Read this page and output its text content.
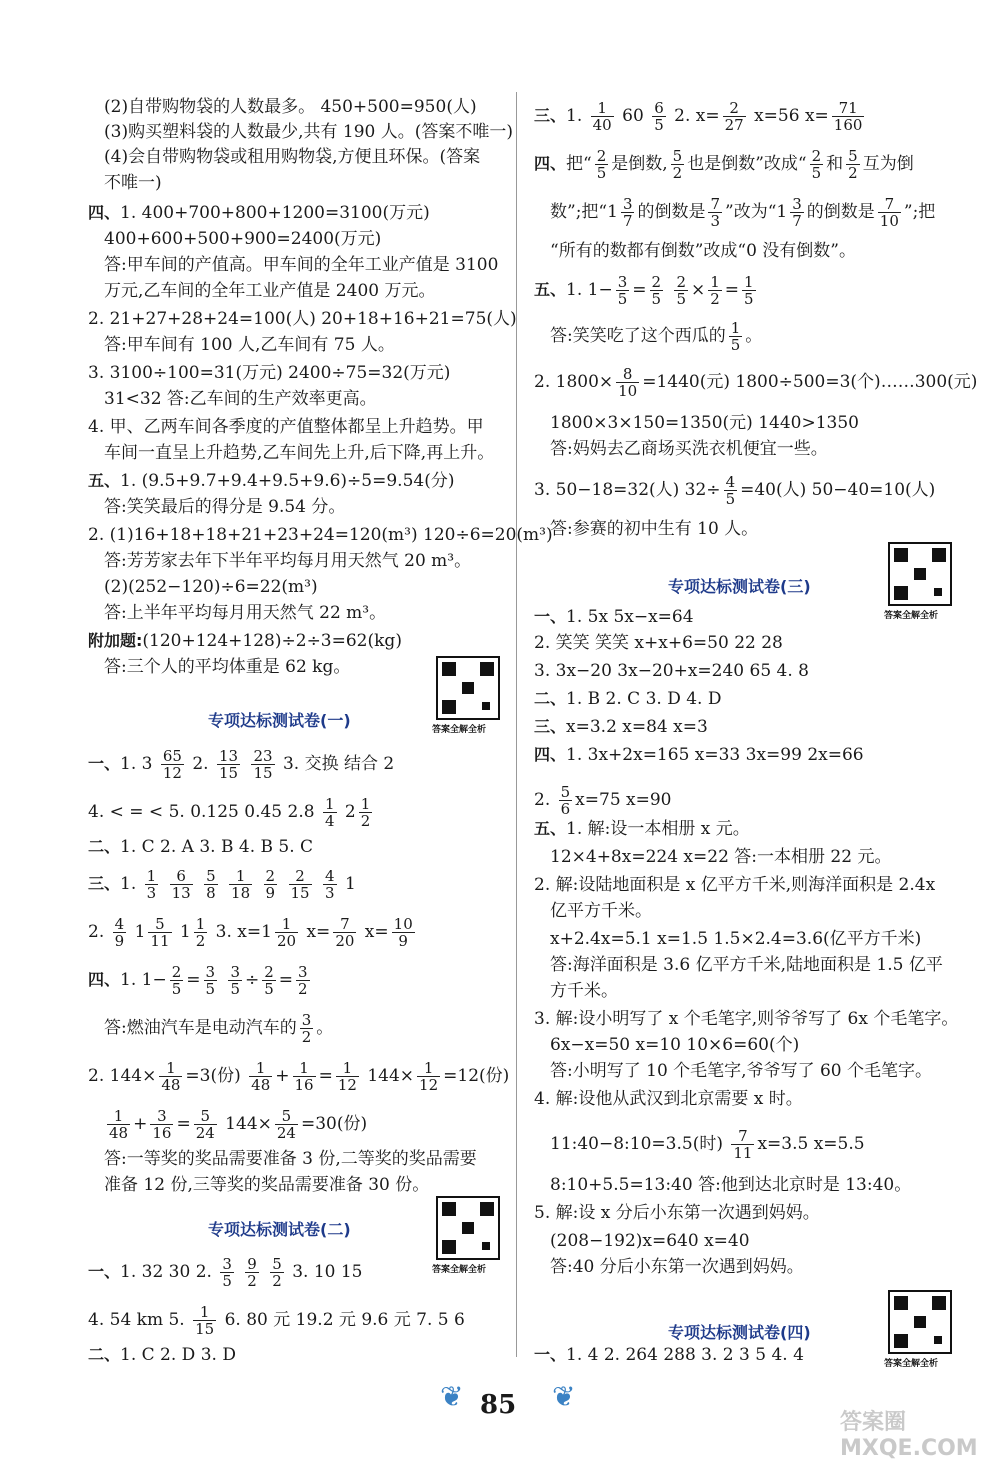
(2)自带购物袋的人数最多。 450+500=950(人)
(3)购买塑料袋的人数最少,共有 190 人。(答案不唯一)
(4)会自带购物袋或租用购物袋,方便且环保。(答案
不唯一)
四、1. 400+700+800+1200=3100(万元)
400+600+500+900=2400(万元)
答:甲车间的产值高。甲车间的全年工业产值是 3100
万元,乙车间的全年工业产值是 2400 万元。
2. 21+27+28+24=100(人) 20+18+16+21=75(人)
答:甲车间有 100 人,乙车间有 75 人。
3. 3100÷100=31(万元) 2400÷75=32(万元)
31<32 答:乙车间的生产效率更高。
4. 甲、乙两车间各季度的产值整体都呈上升趋势。甲
车间一直呈上升趋势,乙车间先上升,后下降,再上升。
五、1. (9.5+9.7+9.4+9.5+9.6)÷5=9.54(分)
答:笑笑最后的得分是 9.54 分。
2. (1)16+18+18+21+23+24=120(m³) 120÷6=20(m³)
答:芳芳家去年下半年平均每月用天然气 20 m³。
(2)(252−120)÷6=22(m³)
答:上半年平均每月用天然气 22 m³。
附加题:(120+124+128)÷2÷3=62(kg)
答:三个人的平均体重是 62 kg。
一、1. $3 \frac{65}{12} 2$. $\frac{13}{15}$
$\frac{23}{15} 3$. 交换 结合 2
4. < = < 5. 0.125 0.45 $2.8 \frac{1}{4} 2 \frac{1}{2}$
二、1. C 2. A 3. B 4. B 5. C
三、1. $\frac{1}{3}$
$\frac{6}{13}$
$\frac{5}{8}$
$\frac{1}{18}$
$\frac{2}{9}$
$\frac{2}{15}$
$\frac{4}{3} 1$
2. $\frac{4}{9} 1 \frac{5}{11} 1 \frac{1}{2} 3$. $x=1 \frac{1}{20} x= \frac{7}{20} x= \frac{10}{9}$
四、1. $1- \frac{2}{5} = \frac{3}{5}$
$\frac{3}{5} \div \frac{2}{5} = \frac{3}{2}$
答:燃油汽车是电动汽车的 $\frac{3}{2}$ 。
2. $144\times \frac{1}{48} =3$(份) $\frac{1}{48} + \frac{1}{16} = \frac{1}{12} 144\times \frac{1}{12} =12$(份)
$\frac{1}{48} + \frac{3}{16} = \frac{5}{24} 144\times \frac{5}{24} =30$(份)
答:一等奖的奖品需要准备 3 份,二等奖的奖品需要
准备 12 份,三等奖的奖品需要准备 30 份。
一、1. 32 30 2. $\frac{3}{5}$
$\frac{9}{2}$
$\frac{5}{2} 3$. 10 15
4. 54 km 5. $\frac{1}{15} 6$. 80 元 19.2 元 9.6 元 7. 5 6
二、1. C 2. D 3. D
三、1. $\frac{1}{40} 60 \frac{6}{5} 2$. $x= \frac{2}{27} x=56$ $x= \frac{71}{160}$
四、把“ $\frac{2}{5}$ 是倒数, $\frac{5}{2}$ 也是倒数”改成“ $\frac{2}{5}$ 和 $\frac{5}{2}$ 互为倒
数”;把“$1 \frac{3}{7}$ 的倒数是 $\frac{7}{3}$ ”改为“$1 \frac{3}{7}$ 的倒数是 $\frac{7}{10}$ ”;把
“所有的数都有倒数”改成“0 没有倒数”。
五、1. $1- \frac{3}{5} = \frac{2}{5}$
$\frac{2}{5} \times \frac{1}{2} = \frac{1}{5}$
答:笑笑吃了这个西瓜的 $\frac{1}{5}$ 。
2. $1800\times \frac{8}{10} =1440$(元) 1800÷500=3(个)……300(元)
1800×3×150=1350(元) 1440>1350
答:妈妈去乙商场买洗衣机便宜一些。
3. 50−18=32(人) $32\div \frac{4}{5} =40$(人) 50−40=10(人)
答:参赛的初中生有 10 人。
一、1. 5x 5x−x=64
2. 笑笑 笑笑 x+x+6=50 22 28
3. 3x−20 3x−20+x=240 65 4. 8
二、1. B 2. C 3. D 4. D
三、x=3.2 x=84 x=3
四、1. 3x+2x=165 x=33 3x=99 2x=66
2. $\frac{5}{6} x=75$ x=90
五、1. 解:设一本相册 x 元。
12×4+8x=224 x=22 答:一本相册 22 元。
2. 解:设陆地面积是 x 亿平方千米,则海洋面积是 2.4x
亿平方千米。
x+2.4x=5.1 x=1.5 1.5×2.4=3.6(亿平方千米)
答:海洋面积是 3.6 亿平方千米,陆地面积是 1.5 亿平
方千米。
3. 解:设小明写了 x 个毛笔字,则爷爷写了 6x 个毛笔字。
6x−x=50 x=10 10×6=60(个)
答:小明写了 10 个毛笔字,爷爷写了 60 个毛笔字。
4. 解:设他从武汉到北京需要 x 时。
11:40−8:10=3.5(时) $\frac{7}{11} x=3.5$ x=5.5
8:10+5.5=13:40 答:他到达北京时是 13:40。
5. 解:设 x 分后小东第一次遇到妈妈。
(208−192)x=640 x=40
答:40 分后小东第一次遇到妈妈。
一、1. 4 2. 264 288 3. 2 3 5 4. 4
专项达标测试卷(一)
专项达标测试卷(二)
专项达标测试卷(三)
专项达标测试卷(四)
答案全解全析
答案全解全析
答案全解全析
答案全解全析
❦	❦
85
答案圈 MXQE.COM
